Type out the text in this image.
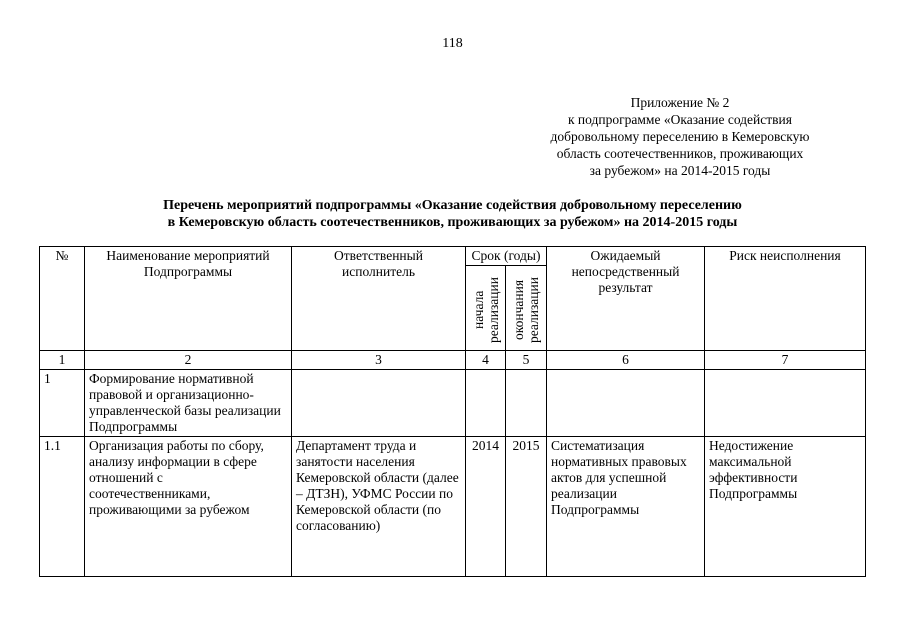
118
Приложение № 2
к подпрограмме «Оказание содействия
добровольному переселению в Кемеровскую
область соотечественников, проживающих
за рубежом» на 2014-2015 годы
Перечень мероприятий подпрограммы «Оказание содействия добровольному переселению
в Кемеровскую область соотечественников, проживающих за рубежом» на 2014-2015 годы
№	Наименование мероприятий Подпрограммы	Ответственный исполнитель	Срок (годы)		Ожидаемый непосредственный результат	Риск неисполнения

			начала реализации	окончания реализации		

1	2	3	4	5	6	7
1	Формирование нормативной правовой и организационно-управленческой базы реализации Подпрограммы					
1.1	Организация работы по сбору, анализу информации в сфере отношений с соотечественниками, проживающими за рубежом	Департамент труда и занятости населения Кемеровской области (далее – ДТЗН), УФМС России по Кемеровской области (по согласованию)	2014	2015	Систематизация нормативных правовых актов для успешной реализации Подпрограммы	Недостижение максимальной эффективности Подпрограммы
